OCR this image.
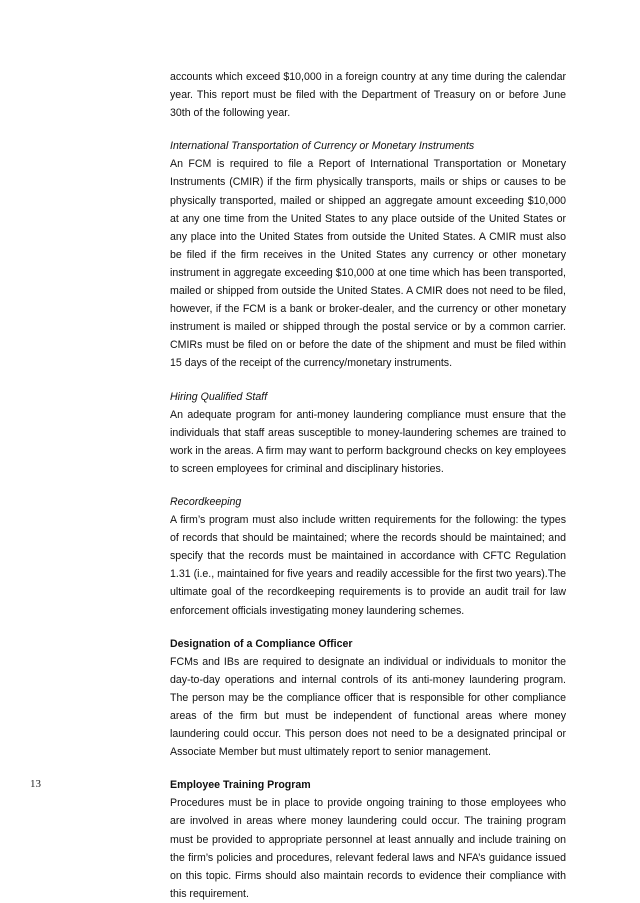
accounts which exceed $10,000 in a foreign country at any time during the calendar year. This report must be filed with the Department of Treasury on or before June 30th of the following year.

International Transportation of Currency or Monetary Instruments

An FCM is required to file a Report of International Transportation or Monetary Instruments (CMIR) if the firm physically transports, mails or ships or causes to be physically transported, mailed or shipped an aggregate amount exceeding $10,000 at any one time from the United States to any place outside of the United States or any place into the United States from outside the United States. A CMIR must also be filed if the firm receives in the United States any currency or other monetary instrument in aggregate exceeding $10,000 at one time which has been transported, mailed or shipped from outside the United States. A CMIR does not need to be filed, however, if the FCM is a bank or broker-dealer, and the currency or other monetary instrument is mailed or shipped through the postal service or by a common carrier. CMIRs must be filed on or before the date of the shipment and must be filed within 15 days of the receipt of the currency/monetary instruments.

Hiring Qualified Staff

An adequate program for anti-money laundering compliance must ensure that the individuals that staff areas susceptible to money-laundering schemes are trained to work in the areas. A firm may want to perform background checks on key employees to screen employees for criminal and disciplinary histories.

Recordkeeping

A firm’s program must also include written requirements for the following: the types of records that should be maintained; where the records should be maintained; and specify that the records must be maintained in accordance with CFTC Regulation 1.31 (i.e., maintained for five years and readily accessible for the first two years).The ultimate goal of the recordkeeping requirements is to provide an audit trail for law enforcement officials investigating money laundering schemes.

Designation of a Compliance Officer

FCMs and IBs are required to designate an individual or individuals to monitor the day-to-day operations and internal controls of its anti-money laundering program. The person may be the compliance officer that is responsible for other compliance areas of the firm but must be independent of functional areas where money laundering could occur. This person does not need to be a designated principal or Associate Member but must ultimately report to senior management.

Employee Training Program

Procedures must be in place to provide ongoing training to those employees who are involved in areas where money laundering could occur. The training program must be provided to appropriate personnel at least annually and include training on the firm’s policies and procedures, relevant federal laws and NFA’s guidance issued on this topic. Firms should also maintain records to evidence their compliance with this requirement.

13
